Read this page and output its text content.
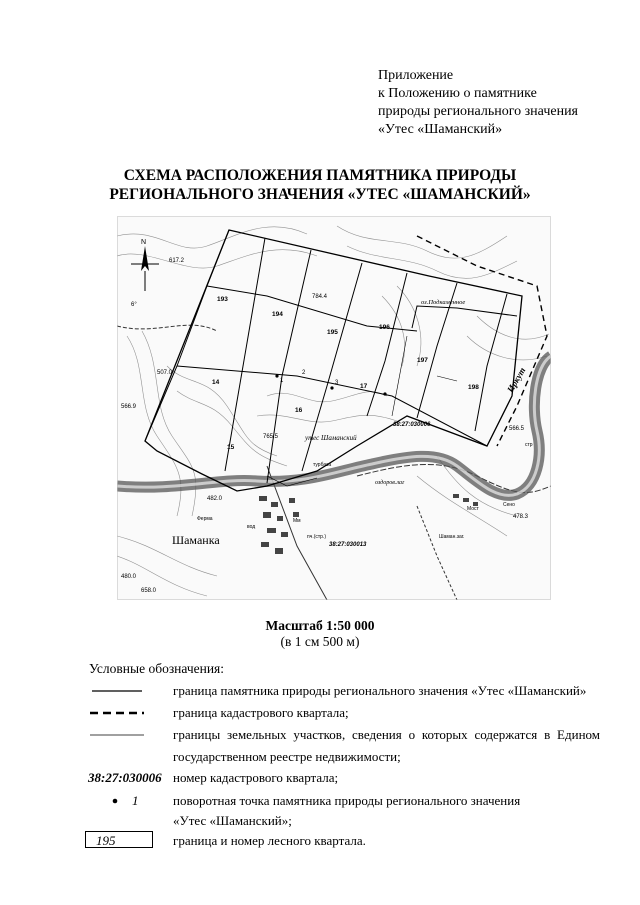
Приложение
к Положению о памятнике
природы регионального значения
«Утес «Шаманский»
СХЕМА РАСПОЛОЖЕНИЯ ПАМЯТНИКА ПРИРОДЫ
РЕГИОНАЛЬНОГО ЗНАЧЕНИЯ «УТЕС «ШАМАНСКИЙ»
N
6°
1
2
3
193
194
195
196
197
198
14
15
16
17
38:27:030006
38:27:030013
Шаманка
утес Шаманский
оз.Подкаменное
оздоров.лаг
Иркут
617.2
784.4
507.0
566.9
765.5
566.5
478.3
482.0
658.0
480.0
Ферма
пч.(стр.)
турбаза
вод
Мост
Сено
Шаман.заг.
Мм
стр
Масштаб 1:50 000
(в 1 см 500 м)
Условные обозначения:
граница памятника природы регионального значения «Утес «Шаманский»
граница кадастрового квартала;
границы земельных участков, сведения о которых содержатся в Едином
государственном реестре недвижимости;
38:27:030006 номер кадастрового квартала;
1	поворотная точка памятника природы регионального значения
«Утес «Шаманский»;
195	граница и номер лесного квартала.
